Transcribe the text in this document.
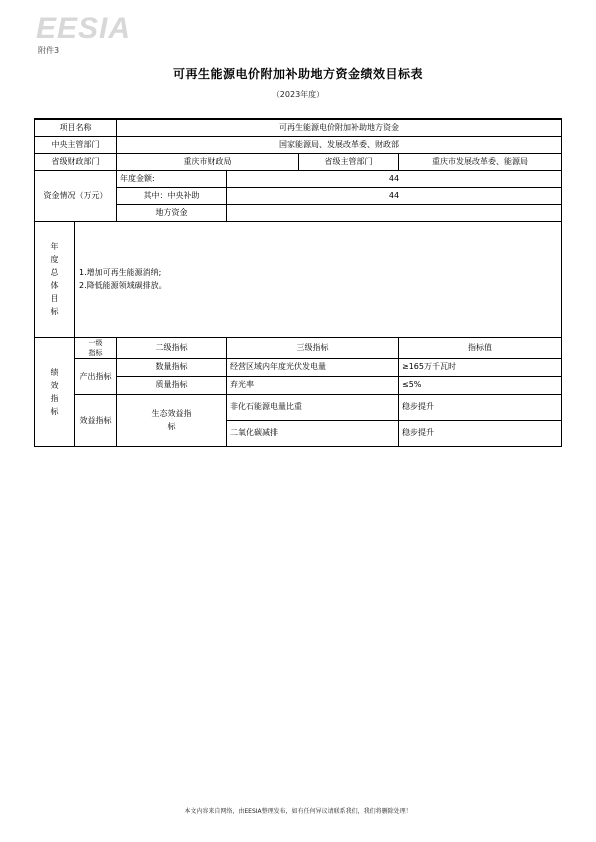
EESIA
附件3
可再生能源电价附加补助地方资金绩效目标表
（2023年度）
项目名称		可再生能源电价附加补助地方资金			
中央主管部门		国家能源局、发展改革委、财政部			
省级财政部门		重庆市财政局		省级主管部门	重庆市发展改革委、能源局
资金情况（万元）		年度金额:	44		
		其中：中央补助	44		
		地方资金			

年度总体目标	1.增加可再生能源消纳;
2.降低能源领域碳排放。				

绩效指标	一级指标	二级指标	三级指标		指标值

	产出指标	数量指标	经营区域内年度光伏发电量		≥165万千瓦时
		质量指标	弃光率		≤5%

	效益指标	生态效益指标	非化石能源电量比重		稳步提升
			二氧化碳减排		稳步提升
本文内容来自网络，由EESIA整理发布，如有任何异议请联系我们，我们将删除处理！
